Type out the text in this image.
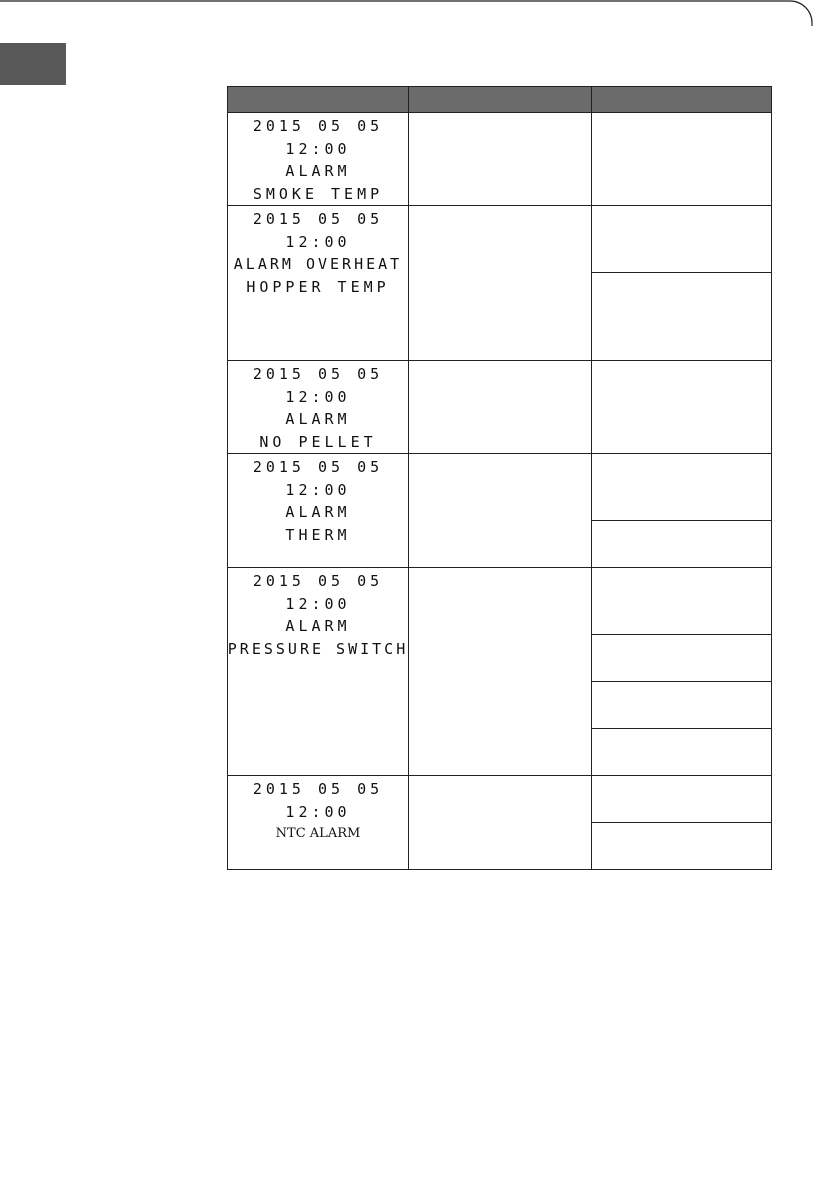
2015 05 05
12:00
ALARM
SMOKE TEMP		

2015 05 05
12:00
ALARM OVERHEAT
HOPPER TEMP		

2015 05 05
12:00
ALARM
NO PELLET		

2015 05 05
12:00
ALARM
THERM		

2015 05 05
12:00
ALARM
PRESSURE SWITCH		

2015 05 05
12:00
NTC ALARM		
